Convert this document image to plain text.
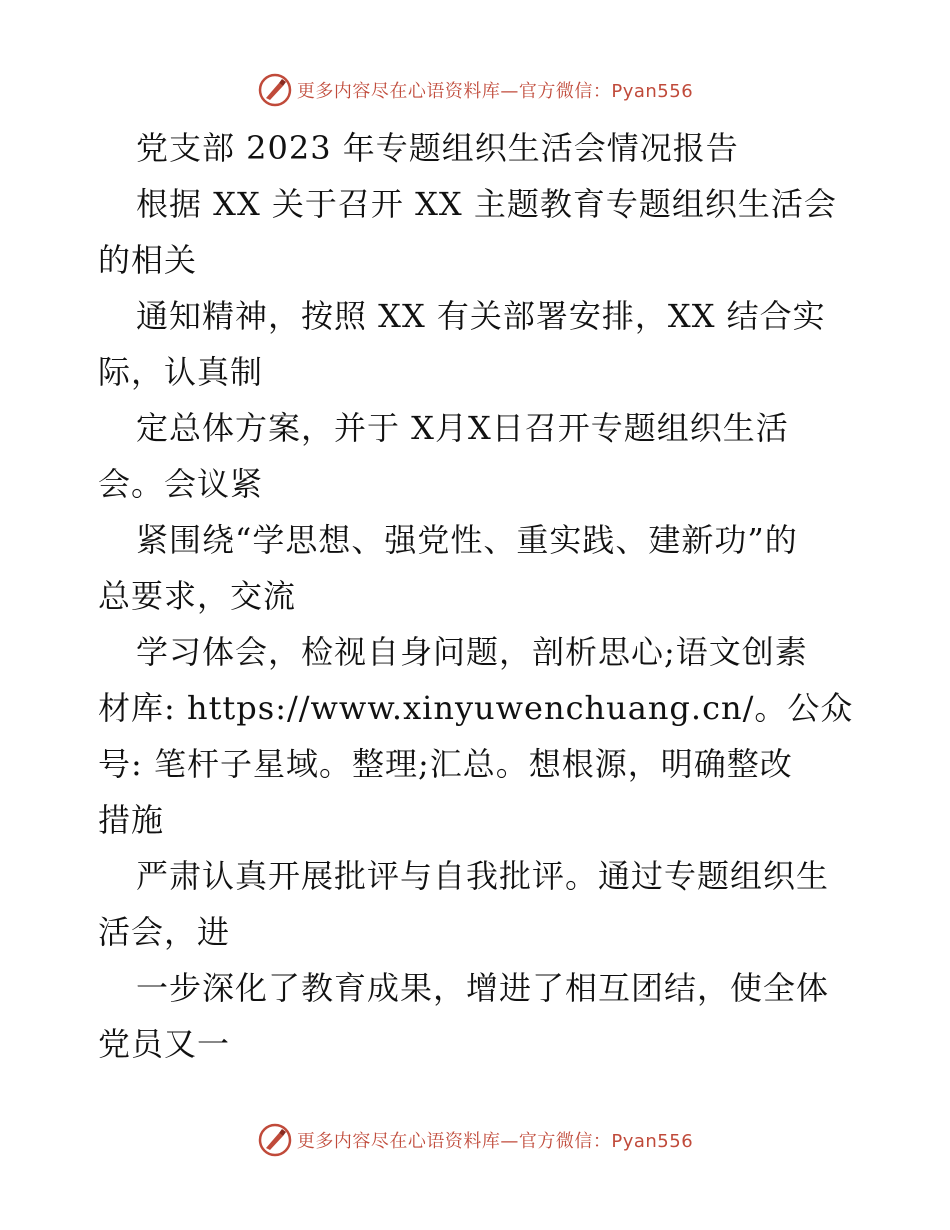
更多内容尽在心语资料库—官方微信：Pyan556
党支部 2023 年专题组织生活会情况报告
根据 XX 关于召开 XX 主题教育专题组织生活会
的相关
通知精神，按照 XX 有关部署安排，XX 结合实
际，认真制
定总体方案，并于 X月X日召开专题组织生活
会。会议紧
紧围绕“学思想、强党性、重实践、建新功”的
总要求，交流
学习体会，检视自身问题，剖析思心;语文创素
材库: https://www.xinyuwenchuang.cn/。公众
号: 笔杆子星域。整理;汇总。想根源，明确整改
措施
严肃认真开展批评与自我批评。通过专题组织生
活会，进
一步深化了教育成果，增进了相互团结，使全体
党员又一
更多内容尽在心语资料库—官方微信：Pyan556
